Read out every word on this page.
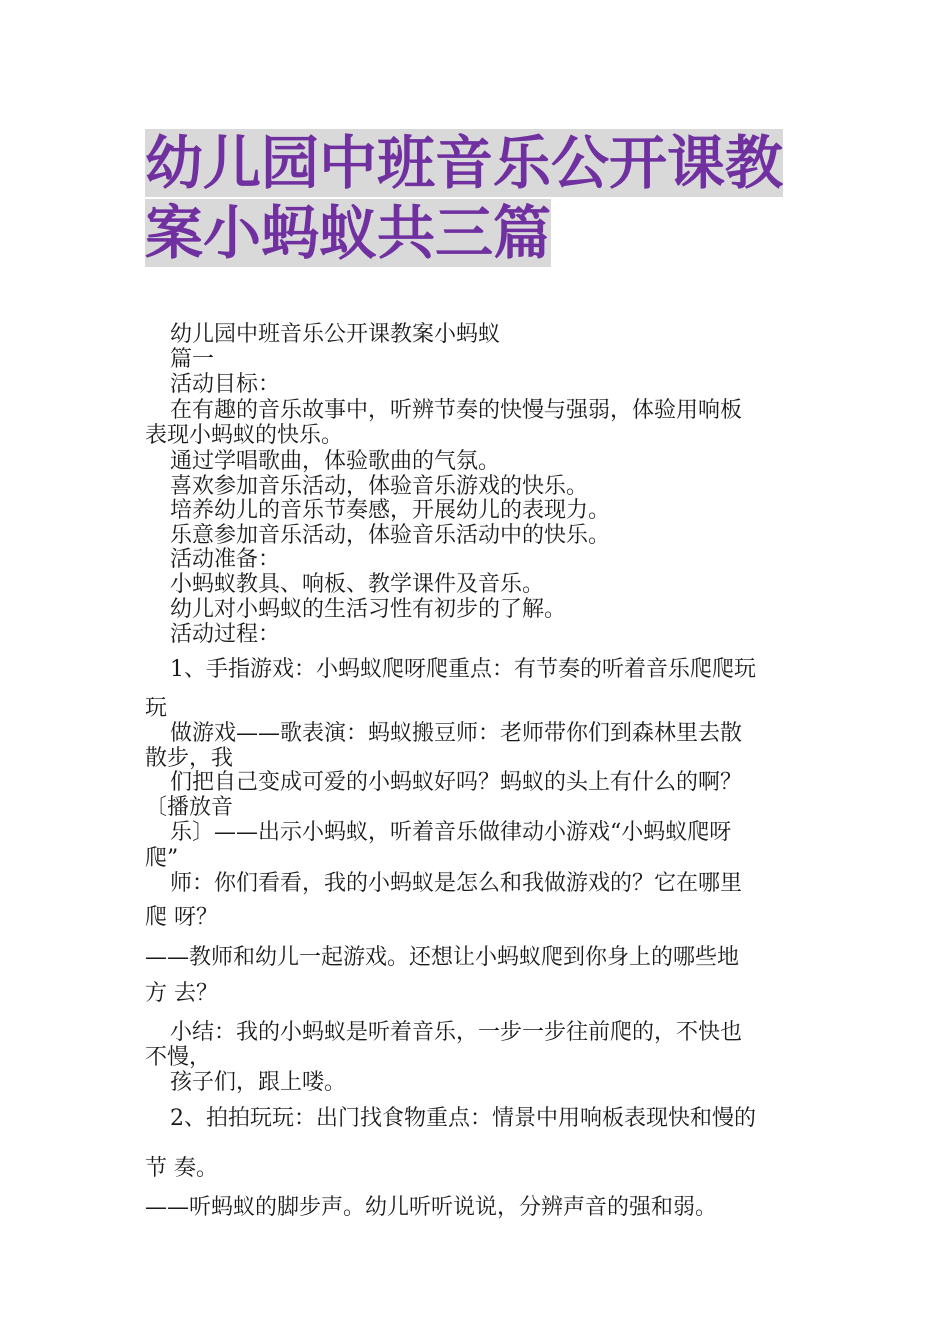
幼儿园中班音乐公开课教
案小蚂蚁共三篇

幼儿园中班音乐公开课教案小蚂蚁

篇一

活动目标：

在有趣的音乐故事中，听辨节奏的快慢与强弱，体验用响板

表现小蚂蚁的快乐。

通过学唱歌曲，体验歌曲的气氛。

喜欢参加音乐活动，体验音乐游戏的快乐。

培养幼儿的音乐节奏感，开展幼儿的表现力。

乐意参加音乐活动，体验音乐活动中的快乐。

活动准备：

小蚂蚁教具、响板、教学课件及音乐。

幼儿对小蚂蚁的生活习性有初步的了解。

活动过程：

1、手指游戏：小蚂蚁爬呀爬重点：有节奏的听着音乐爬爬玩

玩

做游戏——歌表演：蚂蚁搬豆师：老师带你们到森林里去散

散步，我

们把自己变成可爱的小蚂蚁好吗？蚂蚁的头上有什么的啊？

〔播放音

乐〕——出示小蚂蚁，听着音乐做律动小游戏“小蚂蚁爬呀

爬”

师：你们看看，我的小蚂蚁是怎么和我做游戏的？它在哪里

爬 呀？

——教师和幼儿一起游戏。还想让小蚂蚁爬到你身上的哪些地

方 去？

小结：我的小蚂蚁是听着音乐，一步一步往前爬的，不快也

不慢，

孩子们，跟上喽。

2、拍拍玩玩：出门找食物重点：情景中用响板表现快和慢的

节 奏。

——听蚂蚁的脚步声。幼儿听听说说，分辨声音的强和弱。
